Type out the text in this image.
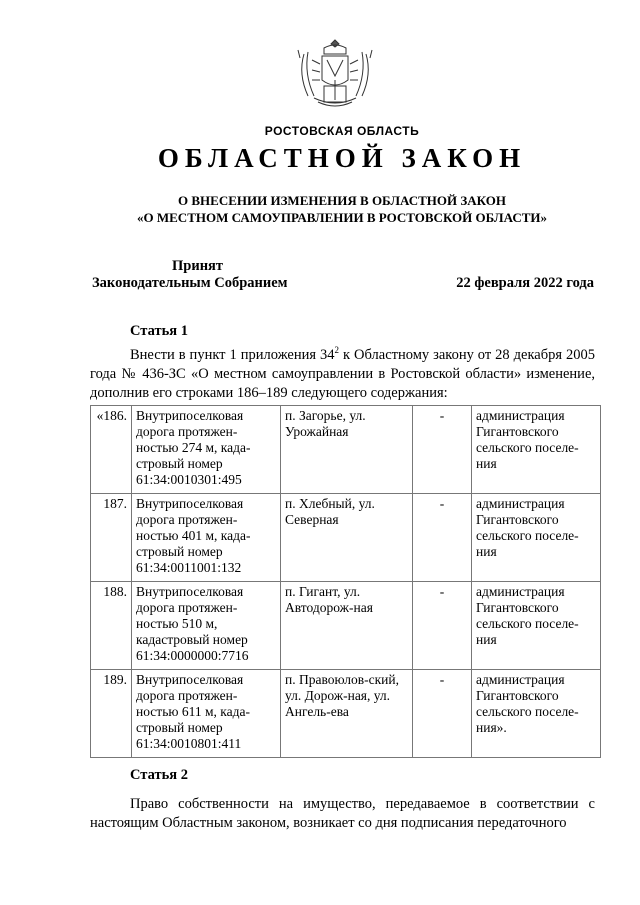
РОСТОВСКАЯ ОБЛАСТЬ
ОБЛАСТНОЙ ЗАКОН
О ВНЕСЕНИИ ИЗМЕНЕНИЯ В ОБЛАСТНОЙ ЗАКОН
«О МЕСТНОМ САМОУПРАВЛЕНИИ В РОСТОВСКОЙ ОБЛАСТИ»
Принят
Законодательным Собранием	22 февраля 2022 года
Статья 1
Внести в пункт 1 приложения $34^2$ к Областному закону от 28 декабря 2005 года № 436-ЗС «О местном самоуправлении в Ростовской области» изменение, дополнив его строками 186–189 следующего содержания:
«186.	Внутрипоселковая дорога протяжен-ностью 274 м, када-стровый номер 61:34:0010301:495	п. Загорье, ул. Урожайная	-	администрация Гигантовского сельского поселе-ния
187.	Внутрипоселковая дорога протяжен-ностью 401 м, када-стровый номер 61:34:0011001:132	п. Хлебный, ул. Северная	-	администрация Гигантовского сельского поселе-ния
188.	Внутрипоселковая дорога протяжен-ностью 510 м, кадастровый номер 61:34:0000000:7716	п. Гигант, ул. Автодорож-ная	-	администрация Гигантовского сельского поселе-ния
189.	Внутрипоселковая дорога протяжен-ностью 611 м, када-стровый номер 61:34:0010801:411	п. Правоюлов-ский, ул. Дорож-ная, ул. Ангель-ева	-	администрация Гигантовского сельского поселе-ния».
Статья 2
Право собственности на имущество, передаваемое в соответствии с настоящим Областным законом, возникает со дня подписания передаточного
